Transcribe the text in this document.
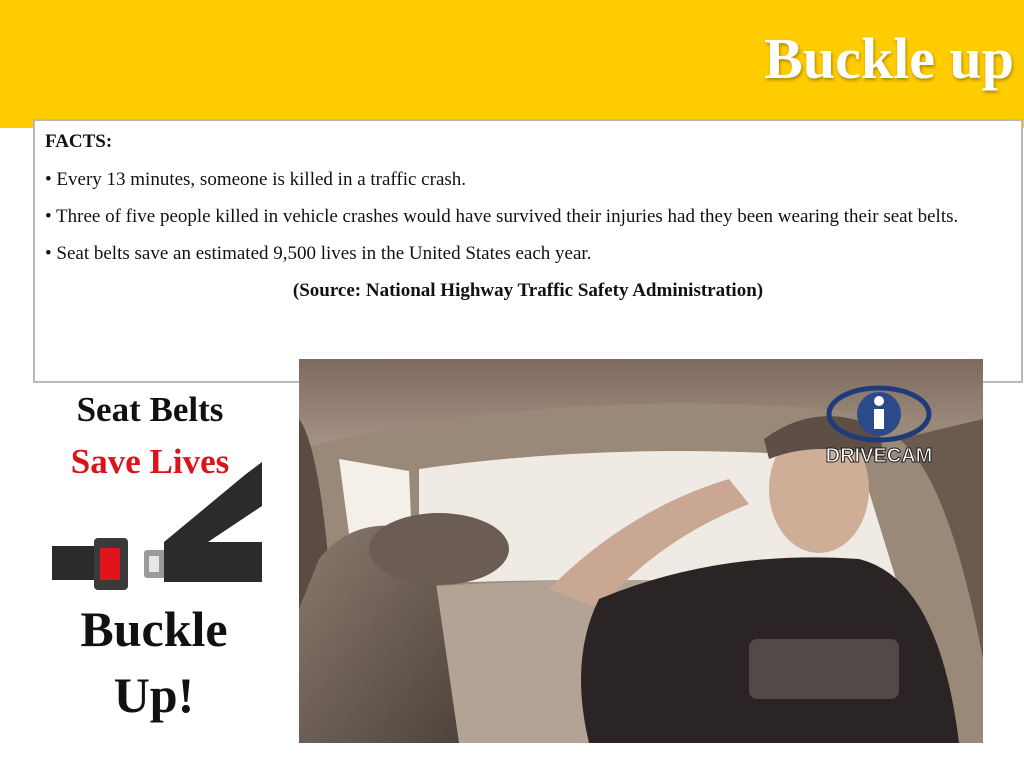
Buckle up

FACTS:

• Every 13 minutes, someone is killed in a traffic crash.

• Three of five people killed in vehicle crashes would have survived their injuries had they been wearing their seat belts.

• Seat belts save an estimated 9,500 lives in the United States each year.

(Source: National Highway Traffic Safety Administration)

Seat Belts
Save Lives
Buckle
Up!
DRIVECAM
